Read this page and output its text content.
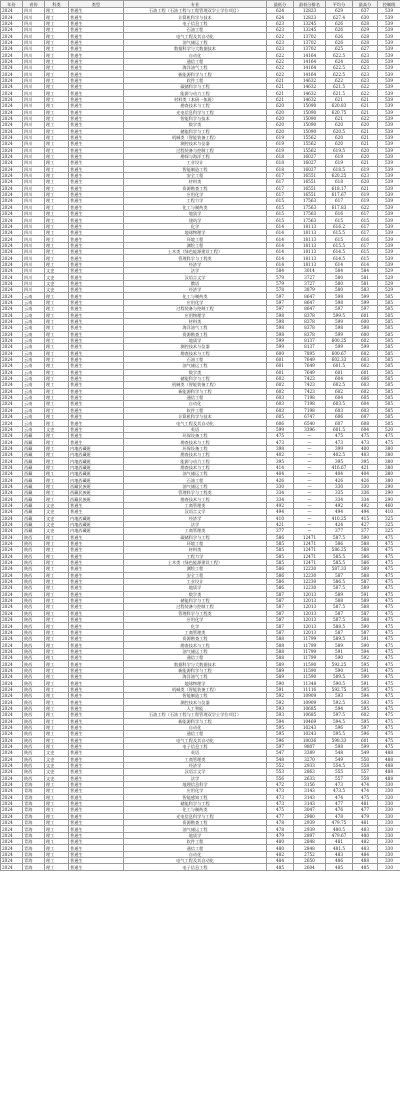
年份	省份	科类	类型	专业	最低分	最低分排名	平均分	最高分	控制线
2024	四川	理工	普通生	石油工程（石油工程与工程管理双学士学位项目）	624	12823	629	637	539
2024	四川	理工	普通生	计算机科学与技术	624	12823	627.4	630	539
2024	四川	理工	普通生	电子信息工程	623	13245	626	628	539
2024	四川	理工	普通生	石油工程	623	13245	626	629	539
2024	四川	理工	普通生	电气工程及其自动化	622	13702	626	628	539
2024	四川	理工	普通生	油气储运工程	623	13702	626	628	539
2024	四川	理工	普通生	数据科学与大数据技术	623	13702	625	627	539
2024	四川	理工	普通生	自动化	622	14164	622.5	623	539
2024	四川	理工	普通生	通信工程	622	14164	624	626	539
2024	四川	理工	普通生	海洋油气工程	622	14164	622.5	623	539
2024	四川	理工	普通生	新能源科学与工程	622	14164	622.5	623	539
2024	四川	理工	普通生	软件工程	621	14632	622	623	539
2024	四川	理工	普通生	碳储科学与工程	621	14632	621.5	622	539
2024	四川	理工	普通生	能源与动力工程	621	14632	621.5	622	539
2024	四川	理工	普通生	材料类（本研一体班）	621	14632	621	621	539
2024	四川	理工	普通生	勘查技术与工程	620	15090	620.83	621	539
2024	四川	理工	普通生	光电信息科学与工程	620	15090	620.75	621	539
2024	四川	理工	普通生	智能科学与技术	620	15090	621	622	539
2024	四川	理工	普通生	数学类	620	15090	620	620	539
2024	四川	理工	普通生	储能科学与工程	620	15090	620.5	621	539
2024	四川	理工	普通生	机械类（智能装备工程）	619	15562	620	621	539
2024	四川	理工	普通生	测控技术与仪器	619	15562	620	621	539
2024	四川	理工	普通生	过程装备与控制工程	619	15562	619.5	620	539
2024	四川	理工	普通生	勘探与海洋工程	618	16027	619	620	539
2024	四川	理工	普通生	工业设计	618	16027	619	621	539
2024	四川	理工	普通生	智能制造工程	618	16027	618.5	619	539
2024	四川	理工	普通生	安全工程	617	16551	620.25	623	539
2024	四川	理工	普通生	材料类	617	16551	618	620	539
2024	四川	理工	普通生	资源勘查工程	617	16551	618.17	621	539
2024	四川	理工	普通生	应用化学	617	16551	617.67	619	539
2024	四川	理工	普通生	工程力学	615	17563	617	619	539
2024	四川	理工	普通生	化工与制药类	615	17563	617.83	622	539
2024	四川	理工	普通生	地质学	615	17563	616	617	539
2024	四川	理工	普通生	建筑学	615	17563	615	615	539
2024	四川	理工	普通生	化学	614	18113	616.2	617	539
2024	四川	理工	普通生	地球物理学	614	18113	615.5	617	539
2024	四川	理工	普通生	环境工程	614	18113	615	616	539
2024	四川	理工	普通生	测绘工程	614	18113	615.5	617	539
2024	四川	理工	普通生	土木类（绿色能源建设工程）	614	18113	614.5	615	539
2024	四川	理工	普通生	管理科学与工程类	614	18113	614.5	615	539
2024	四川	理工	普通生	经济学	614	18113	614	614	539
2024	四川	文史	普通生	法学	584	3014	584	584	529
2024	四川	文史	普通生	汉语言文学	579	3727	580	581	529
2024	四川	文史	普通生	俄语	579	3727	580	581	529
2024	四川	文史	普通生	经济学	578	3879	580	583	529
2024	云南	理工	普通生	化工与制药类	597	8647	598	599	505
2024	云南	理工	普通生	应用化学	597	8647	598	599	505
2024	云南	理工	普通生	过程装备与控制工程	597	8647	597	597	505
2024	云南	理工	普通生	应用物理学	598	8378	599.5	601	505
2024	云南	理工	普通生	材料类	598	8378	599	600	505
2024	云南	理工	普通生	海洋油气工程	598	8378	598	598	505
2024	云南	理工	普通生	资源勘查工程	598	8378	599	600	505
2024	云南	理工	普通生	地质学	599	8137	600.25	602	505
2024	云南	理工	普通生	测控技术与仪器	599	8137	599	599	505
2024	云南	理工	普通生	勘查技术与工程	600	7895	600.67	602	505
2024	云南	理工	普通生	石油工程	601	7649	602.33	603	505
2024	云南	理工	普通生	油气储运工程	601	7649	601.5	602	505
2024	云南	理工	普通生	数学类	601	7649	601	601	505
2024	云南	理工	普通生	储能科学与工程	602	7423	604	606	505
2024	云南	理工	普通生	机械类（智能装备工程）	602	7423	602.5	603	505
2024	云南	理工	普通生	新能源科学与工程	602	7423	602	602	505
2024	云南	理工	普通生	通信工程	603	7198	604	605	505
2024	云南	理工	普通生	自动化	603	7198	603.5	604	505
2024	云南	理工	普通生	软件工程	603	7198	603	603	505
2024	云南	理工	普通生	计算机科学与技术	605	6747	606	607	505
2024	云南	理工	普通生	电气工程及其自动化	606	6540	607	608	505
2024	云南	文史	普通生	英语	599	3396	601.5	604	520
2024	西藏	理工	普通生	环保设备工程	475	—	475	475	475
2024	西藏	理工	普通生	勘查技术与工程	473	—	473	473	475
2024	西藏	理工	内地西藏班	环保设备工程	398	—	399	400	380
2024	西藏	理工	内地西藏班	勘查技术与工程	402	—	402.5	403	380
2024	西藏	理工	内地西藏班	能源与动力工程	395	—	395	395	380
2024	西藏	理工	内地西藏班	勘查技术与工程	414	—	416.67	421	380
2024	西藏	理工	内地西藏班	油气储运工程	404	—	404	404	380
2024	西藏	理工	内地西藏班	石油工程	426	—	426	426	380
2024	西藏	理工	西藏民族班	油气储运工程	330	—	330	330	290
2024	西藏	理工	西藏民族班	管理科学与工程类	334	—	335	336	290
2024	西藏	理工	西藏民族班	勘查技术与工程	334	—	334	334	290
2024	西藏	文史	普通生	工商管理类	492	—	492	492	460
2024	西藏	文史	普通生	汉语言文学	494	—	494	494	410
2024	西藏	文史	内地西藏班	经济学	410	—	410.25	415	325
2024	西藏	文史	内地西藏班	法学	421	—	424	427	325
2024	西藏	文史	内地西藏班	工商管理类	377	—	377	377	325
2024	陕西	理工	普通生	碳储科学与工程	586	12471	587.5	590	475
2024	陕西	理工	普通生	环境工程	585	12471	586	588	475
2024	陕西	理工	普通生	材料类	585	12471	586.25	588	475
2024	陕西	理工	普通生	工程力学	585	12471	585.5	586	475
2024	陕西	理工	普通生	土木类（绿色能源建设工程）	585	12471	585.5	586	475
2024	陕西	理工	普通生	测绘工程	586	12230	587.33	589	475
2024	陕西	理工	普通生	安全工程	586	12230	587	588	475
2024	陕西	理工	普通生	工业设计	586	12230	586.5	587	475
2024	陕西	理工	普通生	地质学	586	12230	587.5	589	475
2024	陕西	理工	普通生	数学类	587	12013	589	591	475
2024	陕西	理工	普通生	储能科学与工程	587	12013	588	589	475
2024	陕西	理工	普通生	过程装备与控制工程	587	12013	587.5	588	475
2024	陕西	理工	普通生	管理科学与工程类	587	12013	587	587	475
2024	陕西	理工	普通生	应用化学	587	12013	587.5	588	475
2024	陕西	理工	普通生	化学	587	12013	588.5	590	475
2024	陕西	理工	普通生	工商管理类	587	12013	587	587	475
2024	陕西	理工	普通生	资源勘查工程	588	11799	589.5	591	475
2024	陕西	理工	普通生	勘查技术与工程	588	11799	589	590	475
2024	陕西	理工	普通生	油气储运工程	588	11799	591	594	475
2024	陕西	理工	普通生	通信工程	588	11799	590	592	475
2024	陕西	理工	普通生	数据科学与大数据技术	589	11590	592.25	595	475
2024	陕西	理工	普通生	新能源科学与工程	589	11590	590	591	475
2024	陕西	理工	普通生	海洋油气工程	589	11590	589.5	590	475
2024	陕西	理工	普通生	地球物理学	590	11348	590.5	591	475
2024	陕西	理工	普通生	机械类（智能装备工程）	591	11116	592.75	595	475
2024	陕西	理工	普通生	智能制造工程	592	10909	593	594	475
2024	陕西	理工	普通生	测控技术与仪器	592	10909	592.5	593	475
2024	陕西	理工	普通生	人工智能	593	10685	594	595	475
2024	陕西	理工	普通生	石油工程（石油工程与工程管理双学士学位项目）	593	10685	597.5	602	475
2024	陕西	理工	普通生	新能源科学与工程	594	10469	594.5	595	475
2024	陕西	理工	普通生	自动化	595	10243	596	597	475
2024	陕西	理工	普通生	通信工程	595	10243	595.5	596	475
2024	陕西	理工	普通生	电气工程及其自动化	596	10036	598.33	601	475
2024	陕西	理工	普通生	电子信息工程	597	9807	598	599	475
2024	陕西	文史	普通生	英语	547	3389	548	549	488
2024	陕西	文史	普通生	工商管理类	548	3270	549	550	488
2024	陕西	文史	普通生	经济学	552	2933	554.5	558	488
2024	陕西	文史	普通生	汉语言文学	553	2863	555	557	488
2024	陕西	文史	普通生	法学	556	2633	557	558	488
2024	青海	理工	普通生	地理信息科学	472	3156	473	474	330
2024	青海	理工	普通生	应用化学	473	3143	473.5	474	330
2024	青海	理工	普通生	智能感知工程	473	3143	474	475	330
2024	青海	理工	普通生	储能科学与工程	473	3143	477	481	330
2024	青海	理工	普通生	化工与制药类	475	3047	476	477	330
2024	青海	理工	普通生	光电信息科学与工程	477	2980	478	479	330
2024	青海	理工	普通生	资源勘查工程	478	2939	479.75	481	330
2024	青海	理工	普通生	油气储运工程	478	2939	480.5	483	330
2024	青海	理工	普通生	地质学	479	2897	479.67	480	330
2024	青海	理工	普通生	软件工程	480	2848	481	482	330
2024	青海	理工	普通生	通信工程	480	2848	481.5	483	330
2024	青海	理工	普通生	自动化	482	2752	483	484	330
2024	青海	理工	普通生	电气工程及其自动化	484	2650	486	488	330
2024	青海	理工	普通生	电子信息工程	485	2604	485	485	330
